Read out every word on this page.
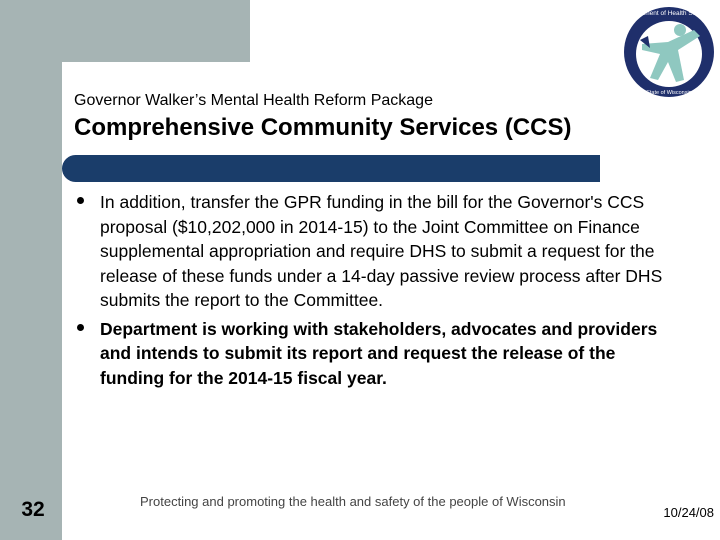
Governor Walker’s Mental Health Reform Package
Comprehensive Community Services (CCS)

In addition, transfer the GPR funding in the bill for the Governor's CCS proposal ($10,202,000 in 2014-15) to the Joint Committee on Finance supplemental appropriation and require DHS to submit a request for the release of these funds under a 14-day passive review process after DHS submits the report to the Committee.

Department is working with stakeholders, advocates and providers and intends to submit its report and request the release of the funding for the 2014-15 fiscal year.

Department of Health Services
State of Wisconsin
32	Protecting and promoting the health and safety of the people of Wisconsin
10/24/08
